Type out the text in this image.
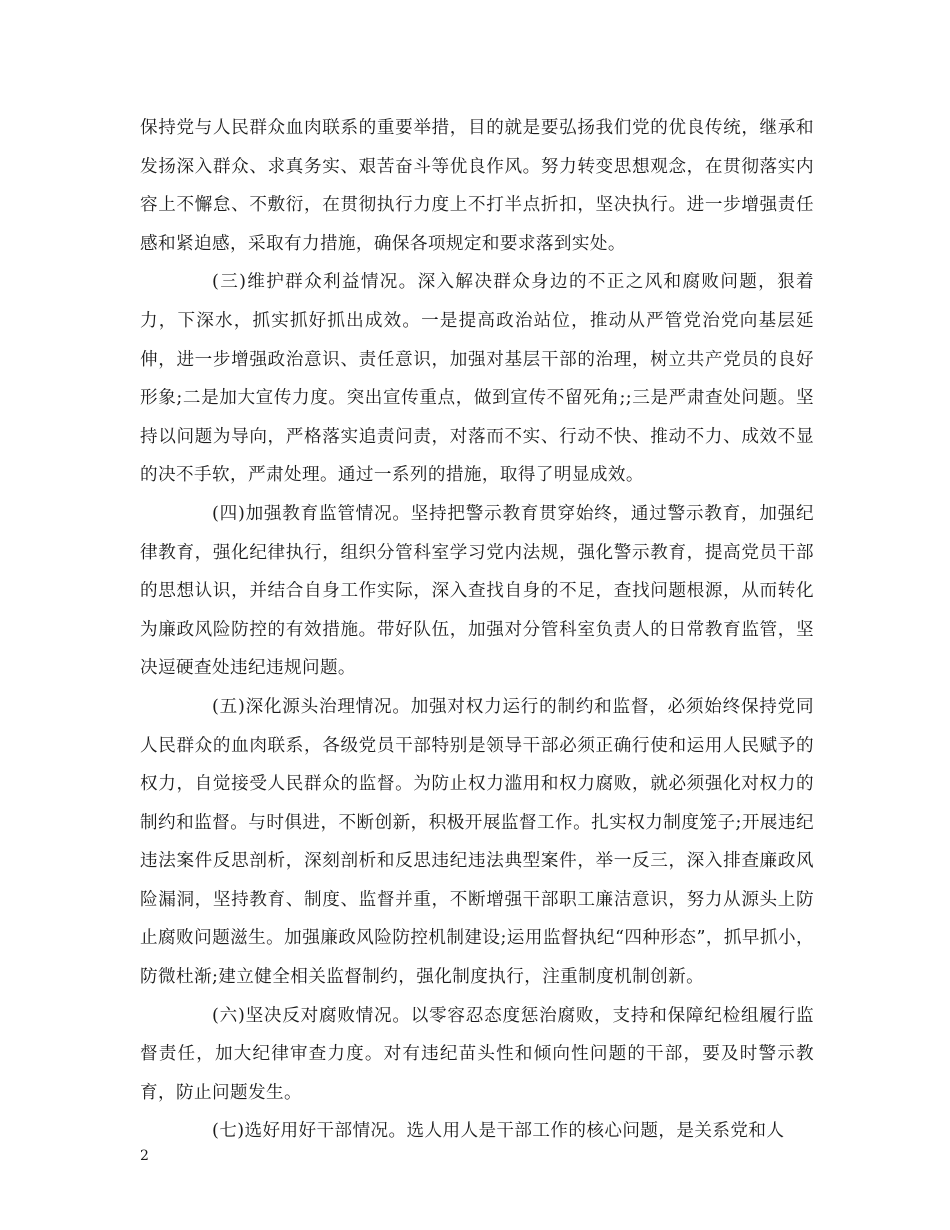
保持党与人民群众血肉联系的重要举措，目的就是要弘扬我们党的优良传统，继承和发扬深入群众、求真务实、艰苦奋斗等优良作风。努力转变思想观念，在贯彻落实内容上不懈怠、不敷衍，在贯彻执行力度上不打半点折扣，坚决执行。进一步增强责任感和紧迫感，采取有力措施，确保各项规定和要求落到实处。

(三)维护群众利益情况。深入解决群众身边的不正之风和腐败问题，狠着力，下深水，抓实抓好抓出成效。一是提高政治站位，推动从严管党治党向基层延伸，进一步增强政治意识、责任意识，加强对基层干部的治理，树立共产党员的良好形象;二是加大宣传力度。突出宣传重点，做到宣传不留死角;;三是严肃查处问题。坚持以问题为导向，严格落实追责问责，对落而不实、行动不快、推动不力、成效不显的决不手软，严肃处理。通过一系列的措施，取得了明显成效。

(四)加强教育监管情况。坚持把警示教育贯穿始终，通过警示教育，加强纪律教育，强化纪律执行，组织分管科室学习党内法规，强化警示教育，提高党员干部的思想认识，并结合自身工作实际，深入查找自身的不足，查找问题根源，从而转化为廉政风险防控的有效措施。带好队伍，加强对分管科室负责人的日常教育监管，坚决逗硬查处违纪违规问题。

(五)深化源头治理情况。加强对权力运行的制约和监督，必须始终保持党同人民群众的血肉联系，各级党员干部特别是领导干部必须正确行使和运用人民赋予的权力，自觉接受人民群众的监督。为防止权力滥用和权力腐败，就必须强化对权力的制约和监督。与时俱进，不断创新，积极开展监督工作。扎实权力制度笼子;开展违纪违法案件反思剖析，深刻剖析和反思违纪违法典型案件，举一反三，深入排查廉政风险漏洞，坚持教育、制度、监督并重，不断增强干部职工廉洁意识，努力从源头上防止腐败问题滋生。加强廉政风险防控机制建设;运用监督执纪“四种形态”，抓早抓小，防微杜渐;建立健全相关监督制约，强化制度执行，注重制度机制创新。

(六)坚决反对腐败情况。以零容忍态度惩治腐败，支持和保障纪检组履行监督责任，加大纪律审查力度。对有违纪苗头性和倾向性问题的干部，要及时警示教育，防止问题发生。

(七)选好用好干部情况。选人用人是干部工作的核心问题，是关系党和人

2
